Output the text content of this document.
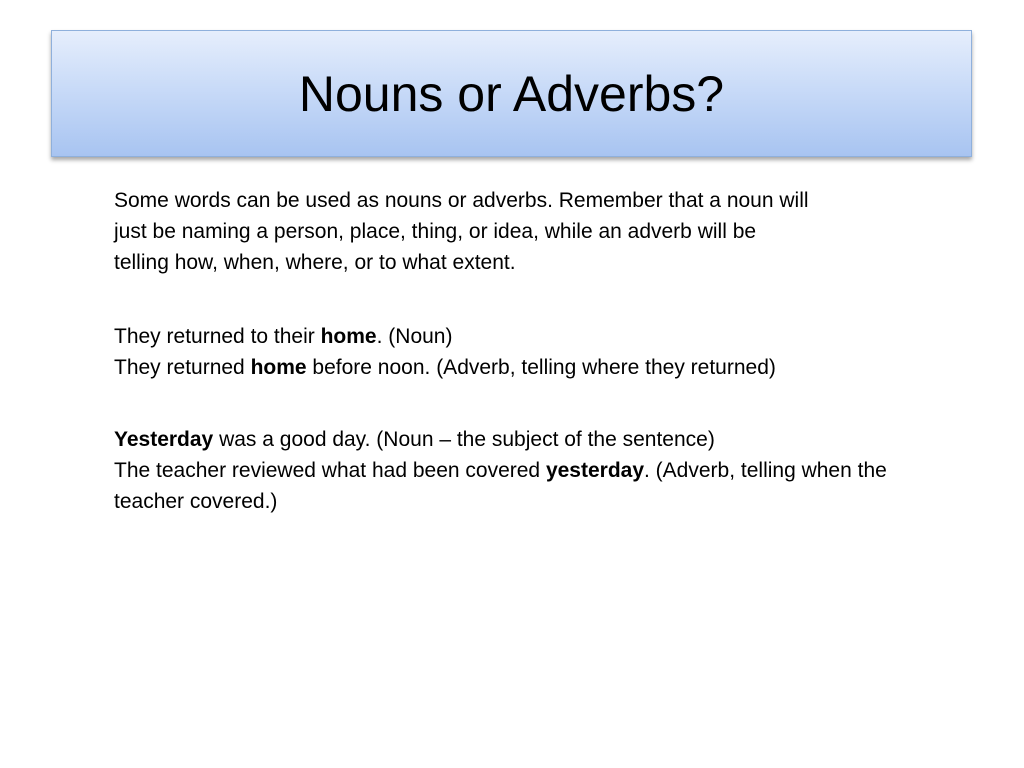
Nouns or Adverbs?

Some words can be used as nouns or adverbs. Remember that a noun will just be naming a person, place, thing, or idea, while an adverb will be telling how, when, where, or to what extent.

They returned to their home. (Noun)
They returned home before noon. (Adverb, telling where they returned)

Yesterday was a good day. (Noun – the subject of the sentence)
The teacher reviewed what had been covered yesterday. (Adverb, telling when the teacher covered.)
